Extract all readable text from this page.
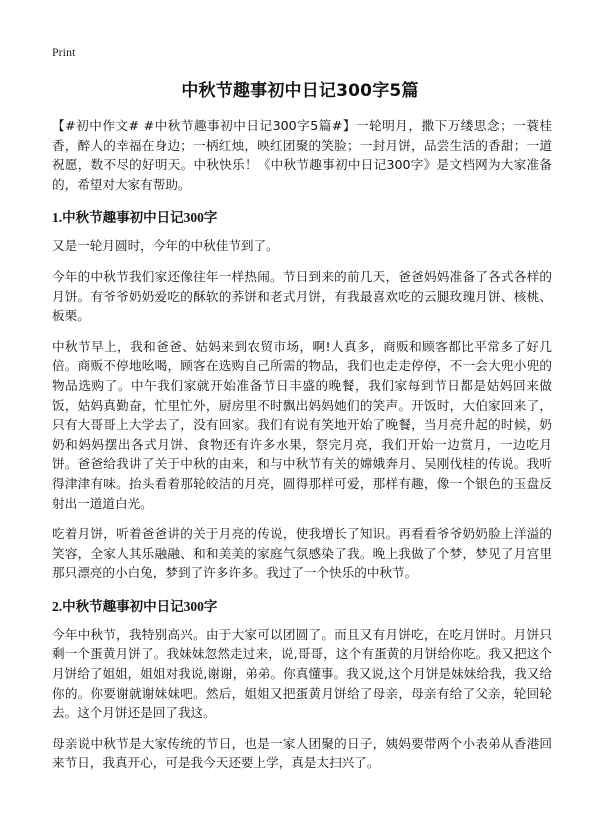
Print
中秋节趣事初中日记300字5篇

【#初中作文# #中秋节趣事初中日记300字5篇#】一轮明月，撒下万缕思念；一蓑桂香，醉人的幸福在身边；一柄红烛，映红团聚的笑脸；一封月饼，品尝生活的香甜；一道祝愿，数不尽的好明天。中秋快乐！《中秋节趣事初中日记300字》是文档网为大家准备的，希望对大家有帮助。

1.中秋节趣事初中日记300字

又是一轮月圆时，今年的中秋佳节到了。

今年的中秋节我们家还像往年一样热闹。节日到来的前几天，爸爸妈妈准备了各式各样的月饼。有爷爷奶奶爱吃的酥软的荞饼和老式月饼，有我最喜欢吃的云腿玫瑰月饼、核桃、板栗。

中秋节早上，我和爸爸、姑妈来到农贸市场，啊!人真多，商贩和顾客都比平常多了好几倍。商贩不停地吆喝，顾客在选购自己所需的物品，我们也走走停停，不一会大兜小兜的物品选购了。中午我们家就开始准备节日丰盛的晚餐，我们家每到节日都是姑妈回来做饭，姑妈真勤奋，忙里忙外，厨房里不时飘出妈妈她们的笑声。开饭时，大伯家回来了，只有大哥哥上大学去了，没有回家。我们有说有笑地开始了晚餐，当月亮升起的时候，奶奶和妈妈摆出各式月饼、食物还有许多水果，祭完月亮，我们开始一边赏月，一边吃月饼。爸爸给我讲了关于中秋的由来，和与中秋节有关的嫦娥奔月、吴刚伐桂的传说。我听得津津有味。抬头看着那轮皎洁的月亮，圆得那样可爱，那样有趣，像一个银色的玉盘反射出一道道白光。

吃着月饼，听着爸爸讲的关于月亮的传说，使我增长了知识。再看看爷爷奶奶脸上洋溢的笑容，全家人其乐融融、和和美美的家庭气氛感染了我。晚上我做了个梦，梦见了月宫里那只漂亮的小白兔，梦到了许多许多。我过了一个快乐的中秋节。

2.中秋节趣事初中日记300字

今年中秋节，我特别高兴。由于大家可以团圆了。而且又有月饼吃，在吃月饼时。月饼只剩一个蛋黄月饼了。我妹妹忽然走过来，说,哥哥，这个有蛋黄的月饼给你吃。我又把这个月饼给了姐姐，姐姐对我说,谢谢，弟弟。你真懂事。我又说,这个月饼是妹妹给我，我又给你的。你要谢就谢妹妹吧。然后，姐姐又把蛋黄月饼给了母亲，母亲有给了父亲，轮回轮去。这个月饼还是回了我这。

母亲说中秋节是大家传统的节日，也是一家人团聚的日子，姨妈要带两个小表弟从香港回来节日，我真开心，可是我今天还要上学，真是太扫兴了。
